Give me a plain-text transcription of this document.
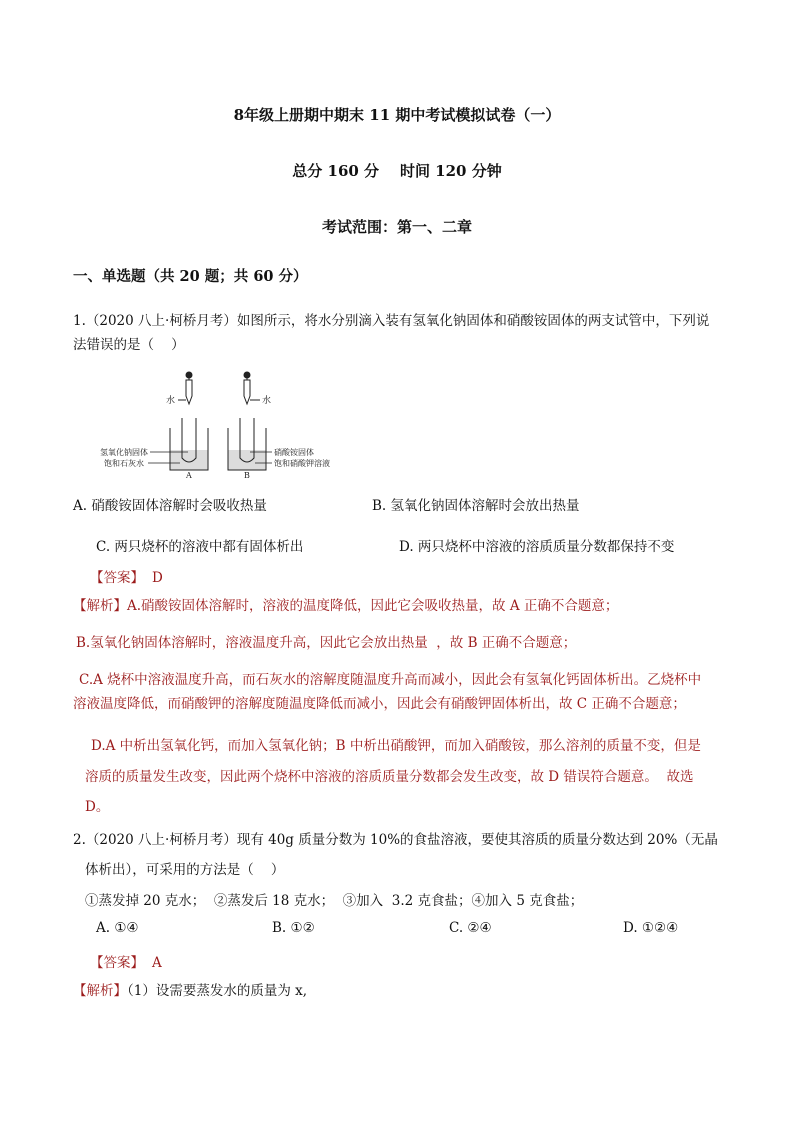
8年级上册期中期末 11 期中考试模拟试卷（一）
总分 160 分    时间 120 分钟
考试范围：第一、二章
一、单选题（共 20 题；共 60 分）
1.（2020 八上·柯桥月考）如图所示，将水分别滴入装有氢氧化钠固体和硝酸铵固体的两支试管中，下列说
法错误的是（    ）
水	水
氢氧化钠固体
饱和石灰水
硝酸铵固体
饱和硝酸钾溶液
A	B
A. 硝酸铵固体溶解时会吸收热量	B. 氢氧化钠固体溶解时会放出热量
C. 两只烧杯的溶液中都有固体析出	D. 两只烧杯中溶液的溶质质量分数都保持不变
【答案】 D
【解析】A.硝酸铵固体溶解时，溶液的温度降低，因此它会吸收热量，故 A 正确不合题意；
B.氢氧化钠固体溶解时，溶液温度升高，因此它会放出热量  ，故 B 正确不合题意；
C.A 烧杯中溶液温度升高，而石灰水的溶解度随温度升高而减小，因此会有氢氧化钙固体析出。乙烧杯中
溶液温度降低，而硝酸钾的溶解度随温度降低而减小，因此会有硝酸钾固体析出，故 C 正确不合题意；
D.A 中析出氢氧化钙，而加入氢氧化钠；B 中析出硝酸钾，而加入硝酸铵，那么溶剂的质量不变，但是
溶质的质量发生改变，因此两个烧杯中溶液的溶质质量分数都会发生改变，故 D 错误符合题意。  故选
D。
2.（2020 八上·柯桥月考）现有 40g 质量分数为 10%的食盐溶液，要使其溶质的质量分数达到 20%（无晶
体析出），可采用的方法是（    ）
①蒸发掉 20 克水；  ②蒸发后 18 克水；  ③加入  3.2 克食盐；④加入 5 克食盐；
A. ①④	B. ①②	C. ②④	D. ①②④
【答案】 A
【解析】（1）设需要蒸发水的质量为 x,
